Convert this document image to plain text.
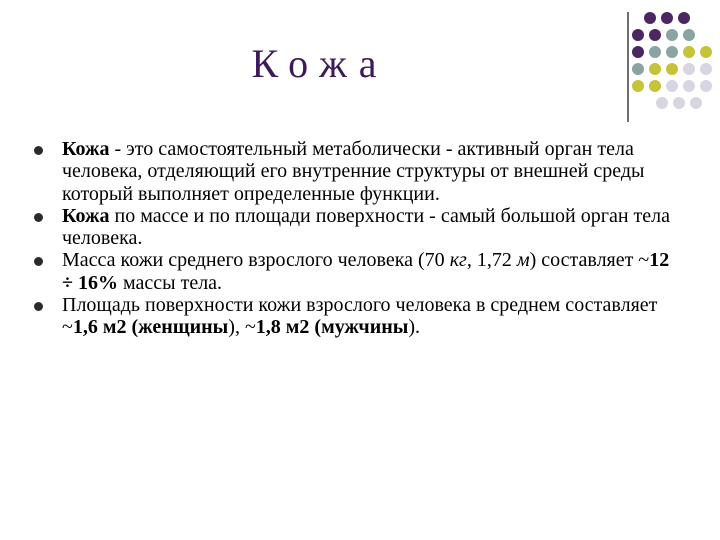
Кожа
Кожа - это самостоятельный метаболически - активный орган тела человека, отделяющий его внутренние структуры от внешней среды который выполняет определенные функции.
Кожа по массе и по площади поверхности - самый большой орган тела человека.
Масса кожи среднего взрослого человека (70 кг, 1,72 м) составляет ~12 ÷ 16% массы тела.
Площадь поверхности кожи взрослого человека в среднем составляет ~1,6 м2 (женщины), ~1,8 м2 (мужчины).
